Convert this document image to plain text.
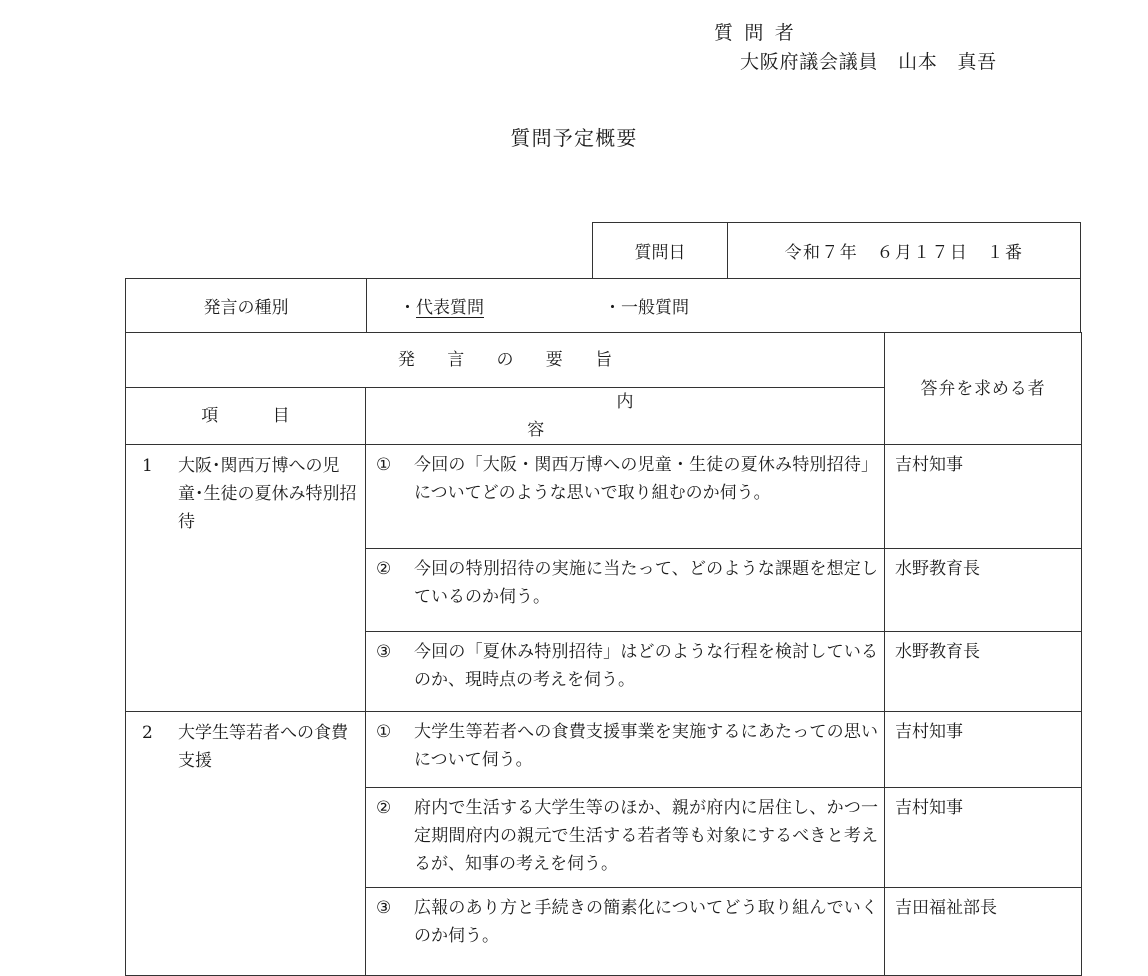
質問者
大阪府議会議員　山本　真吾
質問予定概要
質問日	令和７年　６月１７日　１番
発言の種別	・代表質問	・一般質問
発言の要旨		答弁を求める者
項目	内容	

1 大阪･関西万博への児童･生徒の夏休み特別招待	① 今回の「大阪・関西万博への児童・生徒の夏休み特別招待」についてどのような思いで取り組むのか伺う。	吉村知事

	② 今回の特別招待の実施に当たって、どのような課題を想定しているのか伺う。	水野教育長

	③ 今回の「夏休み特別招待」はどのような行程を検討しているのか、現時点の考えを伺う。	水野教育長

2 大学生等若者への食費支援	① 大学生等若者への食費支援事業を実施するにあたっての思いについて伺う。	吉村知事

	② 府内で生活する大学生等のほか、親が府内に居住し、かつ一定期間府内の親元で生活する若者等も対象にするべきと考えるが、知事の考えを伺う。	吉村知事

	③ 広報のあり方と手続きの簡素化についてどう取り組んでいくのか伺う。	吉田福祉部長
